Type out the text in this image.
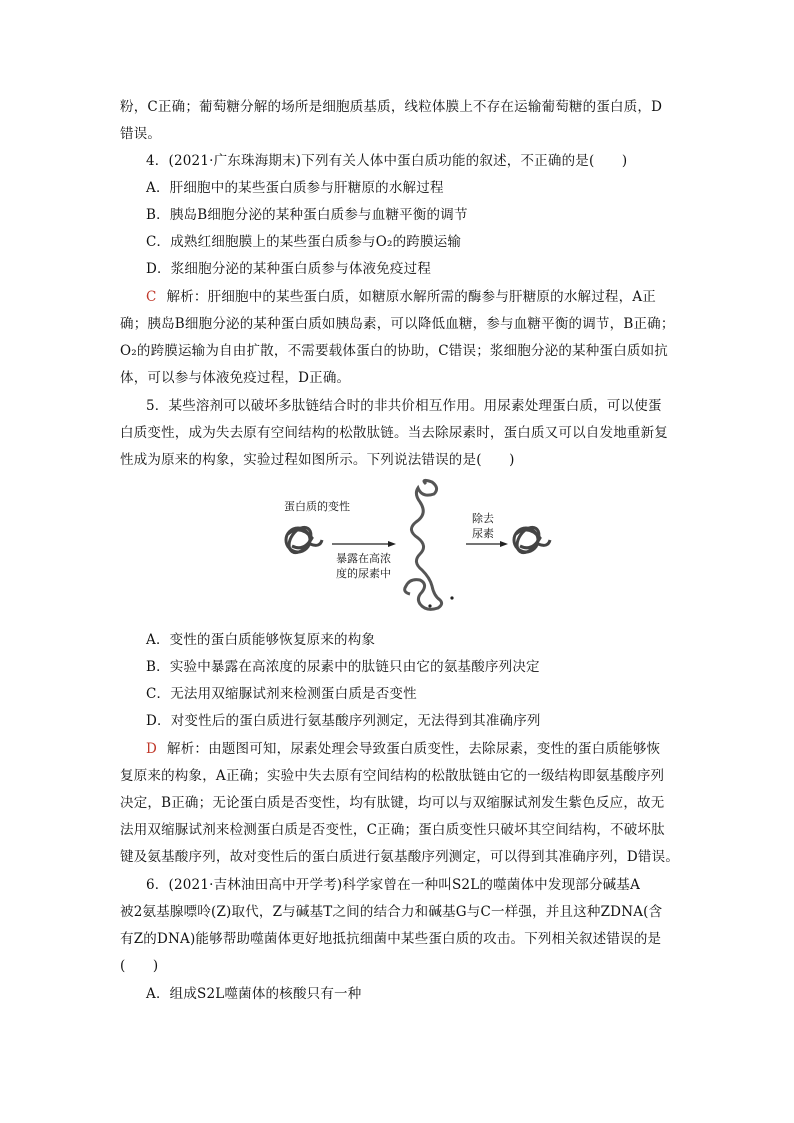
粉，C正确；葡萄糖分解的场所是细胞质基质，线粒体膜上不存在运输葡萄糖的蛋白质，D
错误。
4．(2021·广东珠海期末)下列有关人体中蛋白质功能的叙述，不正确的是(　　)
A．肝细胞中的某些蛋白质参与肝糖原的水解过程
B．胰岛B细胞分泌的某种蛋白质参与血糖平衡的调节
C．成熟红细胞膜上的某些蛋白质参与O₂的跨膜运输
D．浆细胞分泌的某种蛋白质参与体液免疫过程
C 解析：肝细胞中的某些蛋白质，如糖原水解所需的酶参与肝糖原的水解过程，A正
确；胰岛B细胞分泌的某种蛋白质如胰岛素，可以降低血糖，参与血糖平衡的调节，B正确；
O₂的跨膜运输为自由扩散，不需要载体蛋白的协助，C错误；浆细胞分泌的某种蛋白质如抗
体，可以参与体液免疫过程，D正确。
5．某些溶剂可以破坏多肽链结合时的非共价相互作用。用尿素处理蛋白质，可以使蛋
白质变性，成为失去原有空间结构的松散肽链。当去除尿素时，蛋白质又可以自发地重新复
性成为原来的构象，实验过程如图所示。下列说法错误的是(　　)
蛋白质的变性
暴露在高浓
度的尿素中
除去
尿素
A．变性的蛋白质能够恢复原来的构象
B．实验中暴露在高浓度的尿素中的肽链只由它的氨基酸序列决定
C．无法用双缩脲试剂来检测蛋白质是否变性
D．对变性后的蛋白质进行氨基酸序列测定，无法得到其准确序列
D 解析：由题图可知，尿素处理会导致蛋白质变性，去除尿素，变性的蛋白质能够恢
复原来的构象，A正确；实验中失去原有空间结构的松散肽链由它的一级结构即氨基酸序列
决定，B正确；无论蛋白质是否变性，均有肽键，均可以与双缩脲试剂发生紫色反应，故无
法用双缩脲试剂来检测蛋白质是否变性，C正确；蛋白质变性只破坏其空间结构，不破坏肽
键及氨基酸序列，故对变性后的蛋白质进行氨基酸序列测定，可以得到其准确序列，D错误。
6．(2021·吉林油田高中开学考)科学家曾在一种叫S2L的噬菌体中发现部分碱基A
被2氨基腺嘌呤(Z)取代，Z与碱基T之间的结合力和碱基G与C一样强，并且这种ZDNA(含
有Z的DNA)能够帮助噬菌体更好地抵抗细菌中某些蛋白质的攻击。下列相关叙述错误的是
(　　)
A．组成S2L噬菌体的核酸只有一种
